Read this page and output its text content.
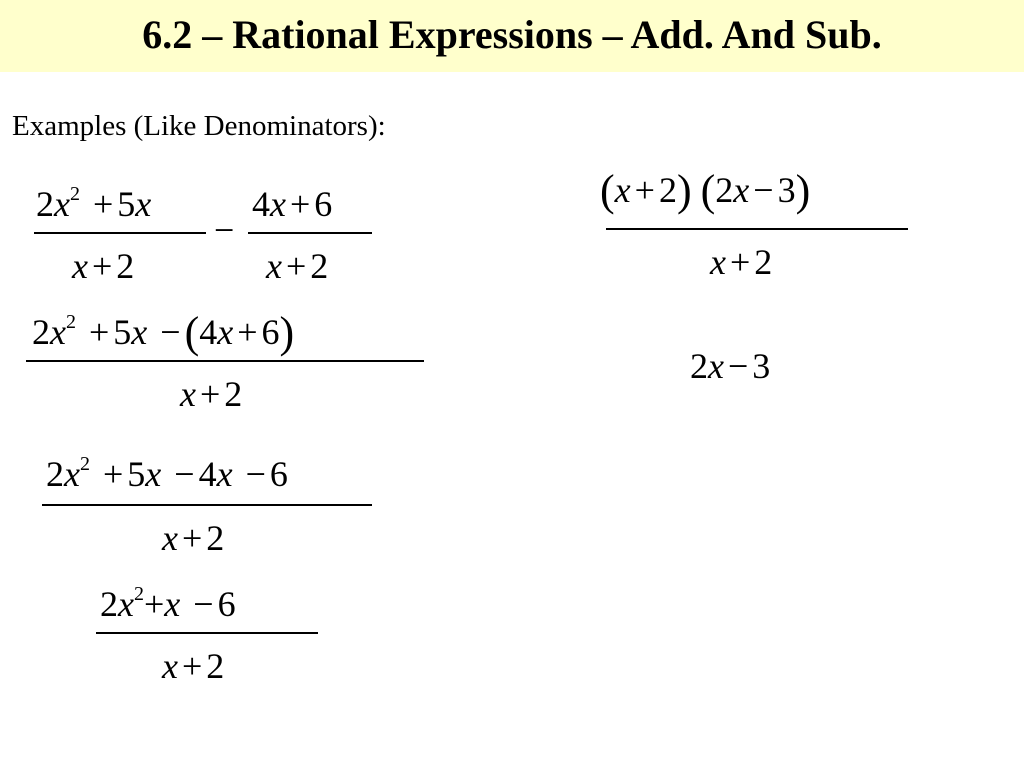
6.2 – Rational Expressions – Add. And Sub.
Examples (Like Denominators):
$2x^2 + 5x$
x + 2
−
4x + 6
x + 2
$2x^2 + 5x -(4x + 6)$
x + 2
$2x^2 + 5x - 4x - 6$
x + 2
$2x^2+x - 6$
x + 2
(x + 2) (2x − 3)
x + 2
2x − 3
